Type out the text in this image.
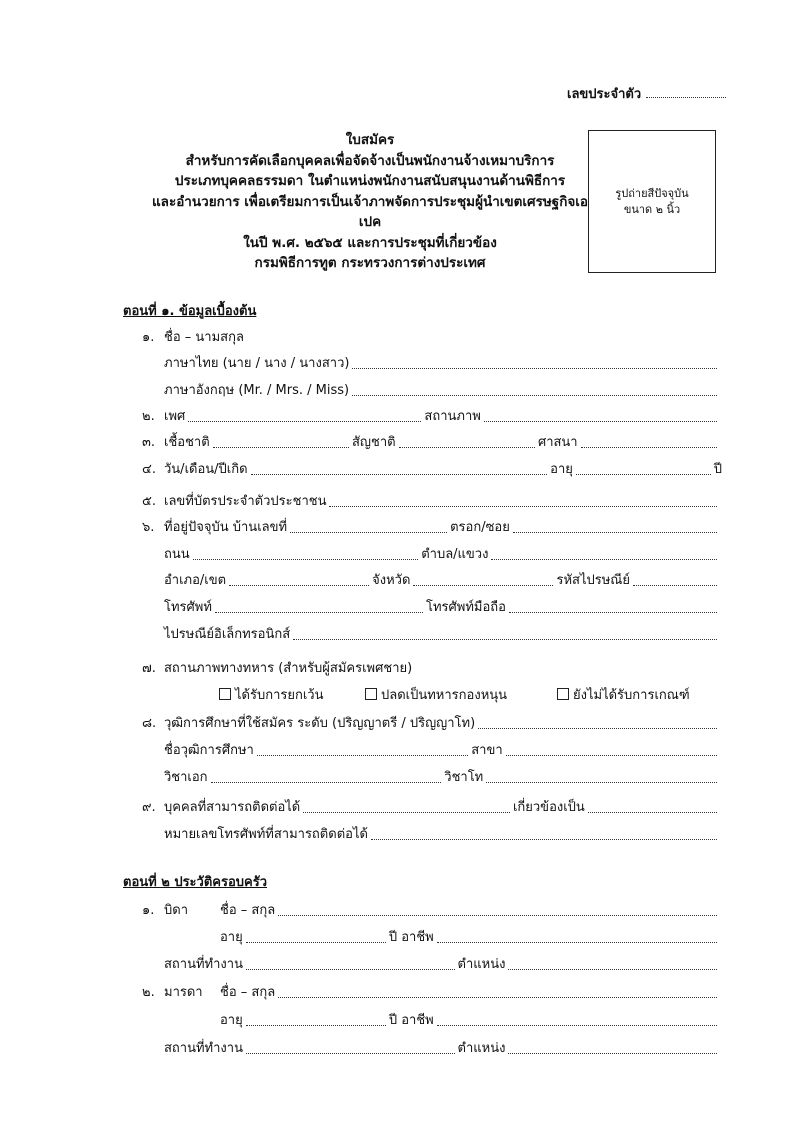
เลขประจำตัว
ใบสมัคร
สำหรับการคัดเลือกบุคคลเพื่อจัดจ้างเป็นพนักงานจ้างเหมาบริการ
ประเภทบุคคลธรรมดา ในตำแหน่งพนักงานสนับสนุนงานด้านพิธีการ
และอำนวยการ เพื่อเตรียมการเป็นเจ้าภาพจัดการประชุมผู้นำเขตเศรษฐกิจเอเปค
ในปี พ.ศ. ๒๕๖๕ และการประชุมที่เกี่ยวข้อง
กรมพิธีการทูต กระทรวงการต่างประเทศ
รูปถ่ายสีปัจจุบัน
ขนาด ๒ นิ้ว
ตอนที่ ๑. ข้อมูลเบื้องต้น
๑. ชื่อ – นามสกุล
ภาษาไทย (นาย / นาง / นางสาว)
ภาษาอังกฤษ (Mr. / Mrs. / Miss)
๒. เพศ	สถานภาพ
๓. เชื้อชาติ	สัญชาติ	ศาสนา
๔. วัน/เดือน/ปีเกิด	อายุ	ปี
๕. เลขที่บัตรประจำตัวประชาชน
๖. ที่อยู่ปัจจุบัน บ้านเลขที่	ตรอก/ซอย
ถนน	ตำบล/แขวง
อำเภอ/เขต	จังหวัด	รหัสไปรษณีย์
โทรศัพท์	โทรศัพท์มือถือ
ไปรษณีย์อิเล็กทรอนิกส์
๗. สถานภาพทางทหาร (สำหรับผู้สมัครเพศชาย)
ได้รับการยกเว้น	ปลดเป็นทหารกองหนุน	ยังไม่ได้รับการเกณฑ์
๘. วุฒิการศึกษาที่ใช้สมัคร ระดับ (ปริญญาตรี / ปริญญาโท)
ชื่อวุฒิการศึกษา	สาขา
วิชาเอก	วิชาโท
๙. บุคคลที่สามารถติดต่อได้	เกี่ยวข้องเป็น
หมายเลขโทรศัพท์ที่สามารถติดต่อได้
ตอนที่ ๒ ประวัติครอบครัว
๑. บิดา	ชื่อ – สกุล
อายุ	ปี อาชีพ
สถานที่ทำงาน	ตำแหน่ง
๒. มารดา	ชื่อ – สกุล
อายุ	ปี อาชีพ
สถานที่ทำงาน	ตำแหน่ง
